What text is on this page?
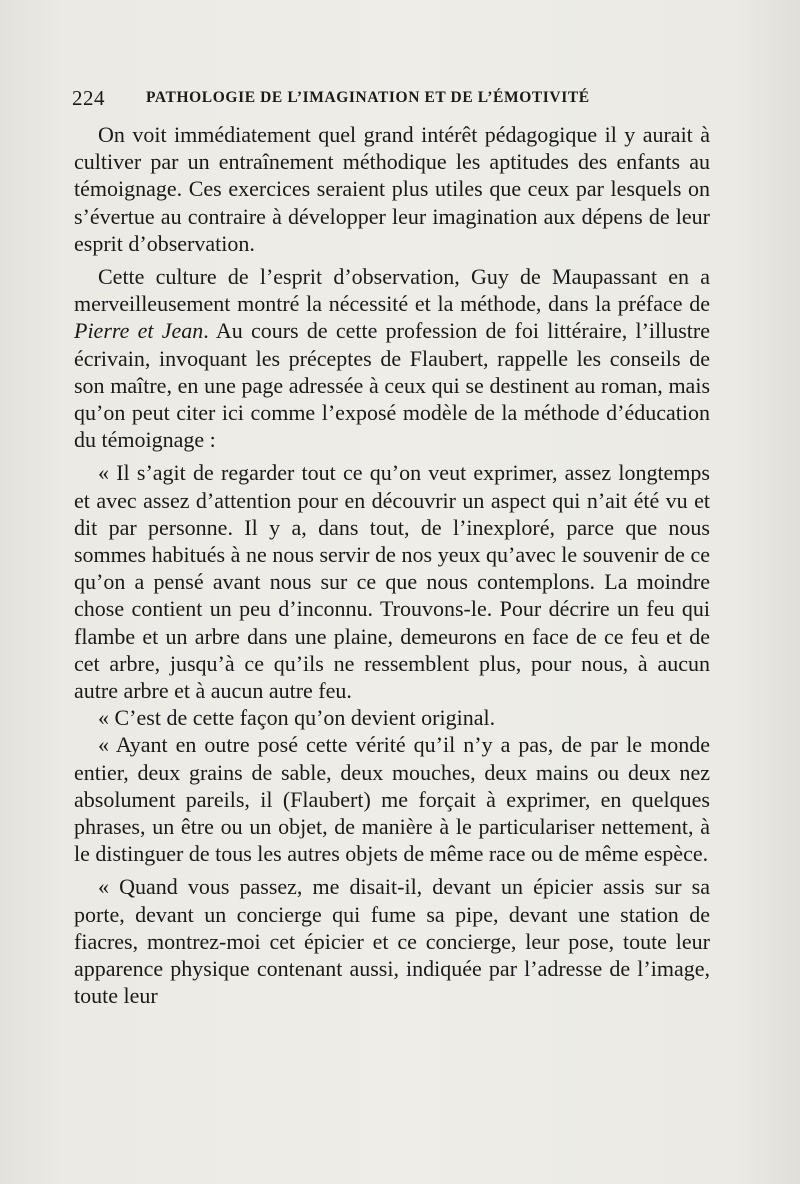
224	PATHOLOGIE DE L’IMAGINATION ET DE L’ÉMOTIVITÉ

On voit immédiatement quel grand intérêt pédagogique il y aurait à cultiver par un entraînement méthodique les aptitudes des enfants au témoignage. Ces exercices seraient plus utiles que ceux par lesquels on s’évertue au contraire à développer leur imagination aux dépens de leur esprit d’observation.

Cette culture de l’esprit d’observation, Guy de Maupassant en a merveilleusement montré la nécessité et la méthode, dans la préface de Pierre et Jean. Au cours de cette profession de foi littéraire, l’illustre écrivain, invoquant les préceptes de Flaubert, rappelle les conseils de son maître, en une page adressée à ceux qui se destinent au roman, mais qu’on peut citer ici comme l’exposé modèle de la méthode d’éducation du témoignage :

« Il s’agit de regarder tout ce qu’on veut exprimer, assez longtemps et avec assez d’attention pour en découvrir un aspect qui n’ait été vu et dit par personne. Il y a, dans tout, de l’inexploré, parce que nous sommes habitués à ne nous servir de nos yeux qu’avec le souvenir de ce qu’on a pensé avant nous sur ce que nous contemplons. La moindre chose contient un peu d’inconnu. Trouvons-le. Pour décrire un feu qui flambe et un arbre dans une plaine, demeurons en face de ce feu et de cet arbre, jusqu’à ce qu’ils ne ressemblent plus, pour nous, à aucun autre arbre et à aucun autre feu.

« C’est de cette façon qu’on devient original.

« Ayant en outre posé cette vérité qu’il n’y a pas, de par le monde entier, deux grains de sable, deux mouches, deux mains ou deux nez absolument pareils, il (Flaubert) me forçait à exprimer, en quelques phrases, un être ou un objet, de manière à le particulariser nettement, à le distinguer de tous les autres objets de même race ou de même espèce.

« Quand vous passez, me disait-il, devant un épicier assis sur sa porte, devant un concierge qui fume sa pipe, devant une station de fiacres, montrez-moi cet épicier et ce concierge, leur pose, toute leur apparence physique contenant aussi, indiquée par l’adresse de l’image, toute leur
